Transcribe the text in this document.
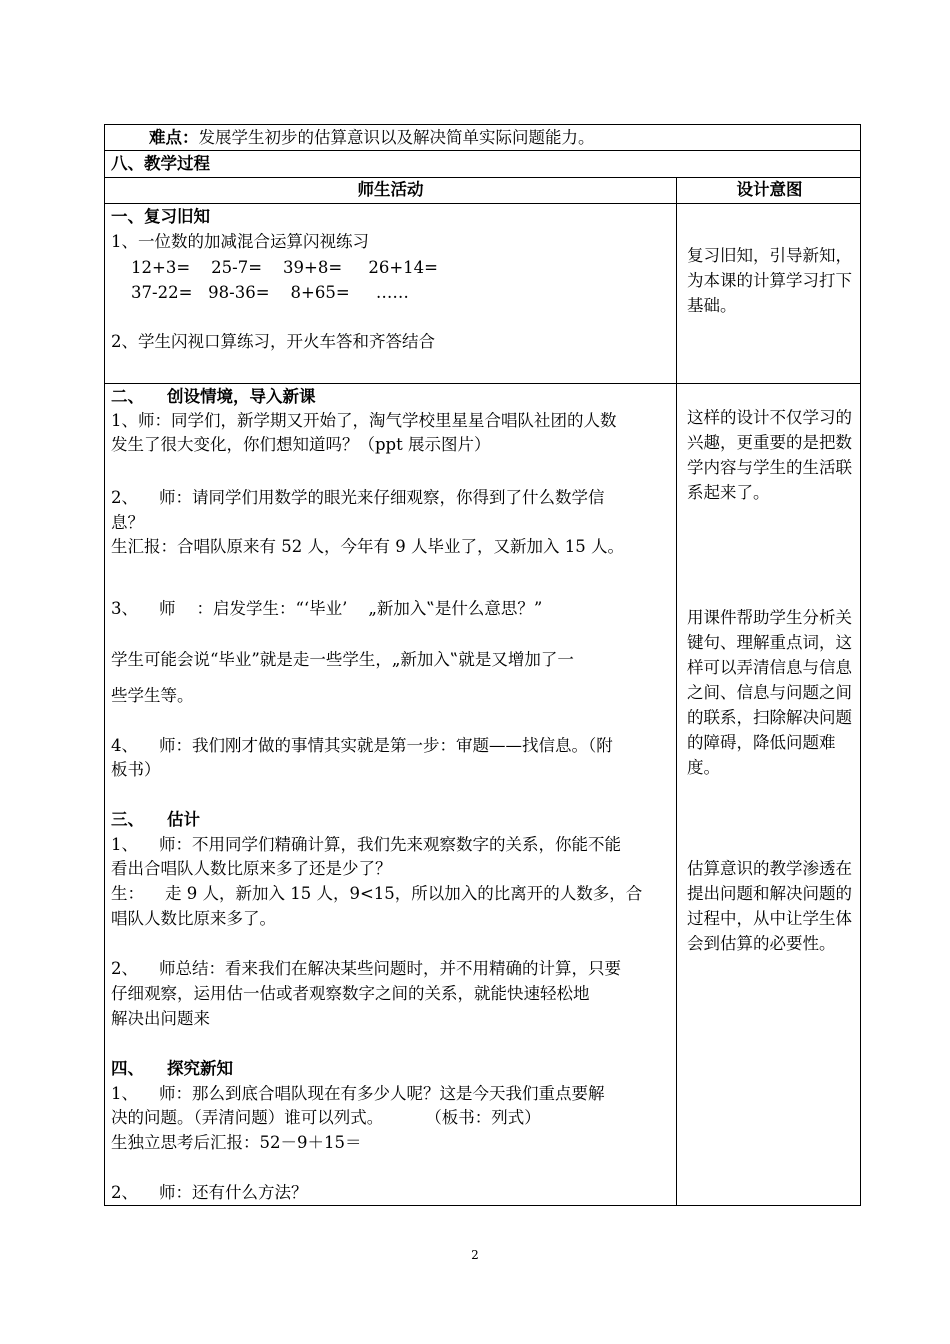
难点：发展学生初步的估算意识以及解决简单实际问题能力。
八、教学过程
师生活动	设计意图
一、复习旧知
1、一位数的加减混合运算闪视练习
12+3=    25-7=    39+8=     26+14=
37-22=   98-36=    8+65=     ……
2、学生闪视口算练习，开火车答和齐答结合
复习旧知，引导新知，为本课的计算学习打下基础。
二、    创设情境，导入新课
1、师：同学们，新学期又开始了，淘气学校里星星合唱队社团的人数
发生了很大变化，你们想知道吗？（ppt 展示图片）
2、    师：请同学们用数学的眼光来仔细观察，你得到了什么数学信
息？
生汇报：合唱队原来有 52 人，今年有 9 人毕业了，又新加入 15 人。
3、    师    ：启发学生：“‘毕业’    „新加入‟是什么意思？”
学生可能会说“毕业”就是走一些学生，„新加入‟就是又增加了一
些学生等。
4、    师：我们刚才做的事情其实就是第一步：审题——找信息。（附
板书）
这样的设计不仅学习的兴趣，更重要的是把数学内容与学生的生活联系起来了。
用课件帮助学生分析关键句、理解重点词，这样可以弄清信息与信息之间、信息与问题之间的联系，扫除解决问题的障碍，降低问题难度。
三、    估计
1、    师：不用同学们精确计算，我们先来观察数字的关系，你能不能
看出合唱队人数比原来多了还是少了？
生：    走 9 人，新加入 15 人，9<15，所以加入的比离开的人数多，合
唱队人数比原来多了。
2、    师总结：看来我们在解决某些问题时，并不用精确的计算，只要
仔细观察，运用估一估或者观察数字之间的关系，就能快速轻松地
解决出问题来
估算意识的教学渗透在提出问题和解决问题的过程中，从中让学生体会到估算的必要性。
四、    探究新知
1、    师：那么到底合唱队现在有多少人呢？这是今天我们重点要解
决的问题。（弄清问题）谁可以列式。        （板书：列式）
生独立思考后汇报：52－9＋15＝
2、    师：还有什么方法？
2
